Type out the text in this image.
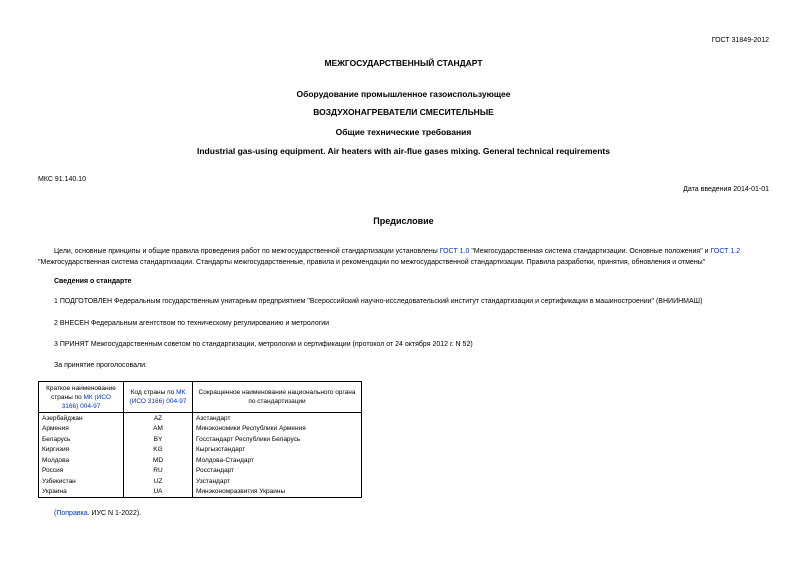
ГОСТ 31849-2012
МЕЖГОСУДАРСТВЕННЫЙ СТАНДАРТ
Оборудование промышленное газоиспользующее
ВОЗДУХОНАГРЕВАТЕЛИ СМЕСИТЕЛЬНЫЕ
Общие технические требования
Industrial gas-using equipment. Air heaters with air-flue gases mixing. General technical requirements
МКС 91.140.10
Дата введения 2014-01-01
Предисловие
Цели, основные принципы и общие правила проведения работ по межгосударственной стандартизации установлены ГОСТ 1.0 "Межгосударственная система стандартизации. Основные положения" и ГОСТ 1.2 "Межгосударственная система стандартизации. Стандарты межгосударственные, правила и рекомендации по межгосударственной стандартизации. Правила разработки, принятия, обновления и отмены"
Сведения о стандарте
1 ПОДГОТОВЛЕН Федеральным государственным унитарным предприятием "Всероссийский научно-исследовательский институт стандартизации и сертификации в машиностроении" (ВНИИНМАШ)
2 ВНЕСЕН Федеральным агентством по техническому регулированию и метрологии
3 ПРИНЯТ Межгосударственным советом по стандартизации, метрологии и сертификации (протокол от 24 октября 2012 г. N 52)
За принятие проголосовали:
Краткое наименование страны по МК (ИСО 3166) 004-97	Код страны по МК (ИСО 3166) 004-97	Сокращенное наименование национального органа по стандартизации
Азербайджан	AZ	Азстандарт
Армения	AM	Минэкономики Республики Армения
Беларусь	BY	Госстандарт Республики Беларусь
Киргизия	KG	Кыргызстандарт
Молдова	MD	Молдова-Стандарт
Россия	RU	Росстандарт
Узбекистан	UZ	Узстандарт
Украина	UA	Минэкономразвития Украины
(Поправка. ИУС N 1-2022).
